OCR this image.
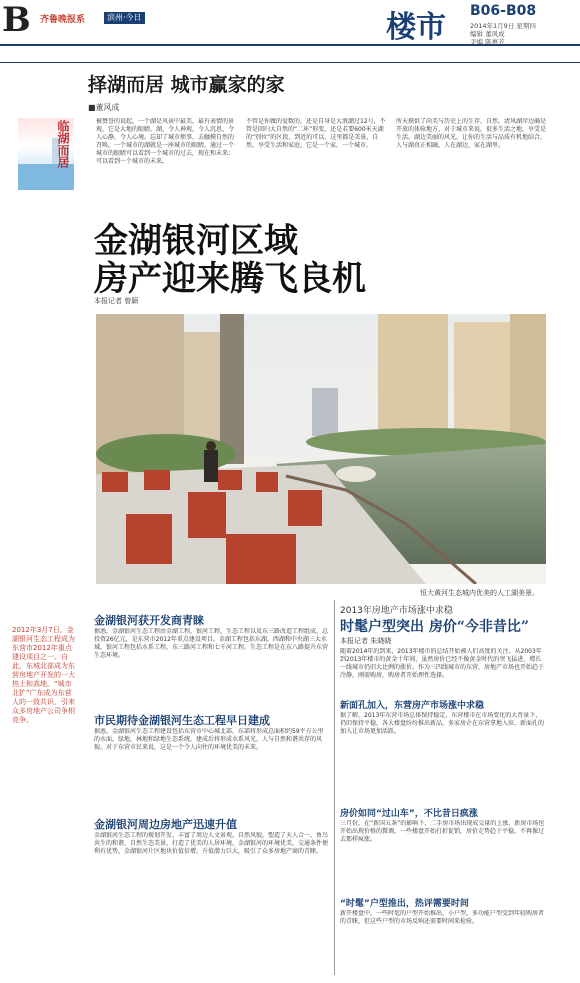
B 齐鲁晚报系	滨州·今日	楼市 B06-B08
2014年1月9日 星期四
编辑 董风成
美编 陈惠芳
择湖而居 城市赢家的家
■董风成
临湖而居	被赞誉的说起，一个湖是风景中最美，最有表情的景观，它是大地的眼睛。湖，令人神观，令人沉思，令人心静，令人心境。忘却了城市烦事，去触摸自然的召唤。一个城市的湖就是一座城市的眼睛，通过一个城市的眼睛可以看到一个城市的过去，现在和未来；可以看到一个城市的未来。
不管是你做的爱数的，还是自身是大浪潮过12号，不管是回归大自然的“二环”形变，还是若要600米天湖的“别位”的区段，到近的可以，这里都是美景，自然，享受生活和家庭，它是一个家，一个城市。
所天摸供了尚美与历史上的生存，自然，清风湖岸边确是开放的体验地方，对于城市来说，很多生活之地，享受是生活。湖边美丽的风光，让你的生活与品质有机地结合，人与湖真正相融，人在湖边，家在湖里。
金湖银河区域
房产迎来腾飞良机
本报记者 曾颖
恒大黄河生态城内优美的人工湖美景。
2012年3月7日，金湖银河生态工程成为东营市2012年重点建设项目之一。自此，东城北部成为东营房地产开发的一大热土和高地。“城市北扩”广东成为东营人的一致共识，引来众多房地产公司争相竞争。
金湖银河获开发商青睐
据悉，金湖银河生态工程由金湖工程，银河工程，生态工程以及东三路改造工程组成，总投资26亿元，是东营市2012年重点建设项目。金湖工程包括东湖，西湖和中央湖三大水域，银河工程包括水系工程，东三路河工程和七千河工程。生态工程是在东八路提升东营生态环境。
市民期待金湖银河生态工程早日建成
据悉，金湖银河生态工程建设包括东营市中心城北部，东部将形成总面积约59平方公里的水面，绿地，林地和绿地生态系统，建成后将形成水系风光，人与自然和谐共存的风貌。对于东营市民来说，这是一个令人向往的环境优美的未来。
金湖银河周边房地产迅速升值
金湖银河生态工程的规划开发，丰富了周边人文景观，自然风貌，塑造了天人合一，鱼鸟共生的和谐，自然生态美景，打造了优美的人居环境，金湖银河的环境优美，交通条件便利有优势，金湖银河片区地块价值倍增，升值潜力巨大，吸引了众多房地产商的青睐。
2013年房地产市场涨中求稳
时髦户型突出 房价“今非昔比”
本报记者 朱晓晓
随着2014年的到来，2013年楼市的总结开始被人们高度的关注。从2003年到2013年楼市的黄金十年间，虽然房价已经不像黄金时代的突飞猛进，增长一线城市仍旧大比例的涨价。作为三四线城市的东营，房地产市场也开始趋于冷静，刚需购房，购房者开始理性选择。
新面孔加入，东营房产市场涨中求稳
据了解，2013年东营市场总体保持稳定，东营楼市在市场变化的大背景下，仍旧保持平稳，各大楼盘纷纷推出新品，多家房企在东营拿地入驻，新面孔的加入让市场更加活跃。
房价如同“过山车”，不比昔日疯涨
三月份，在“新国五条”的影响下，二手房市场出现成交量的上涨，新房市场也开始出现价格的微调，一些楼盘开始打折促销，房价走势趋于平稳，不再像过去那样疯涨。
“时髦”户型推出，热评需要时间
新开楼盘中，一些时髦的户型开始推出，小户型，多功能户型受到年轻购房者的青睐，但这些户型的市场反响还需要时间来检验。
